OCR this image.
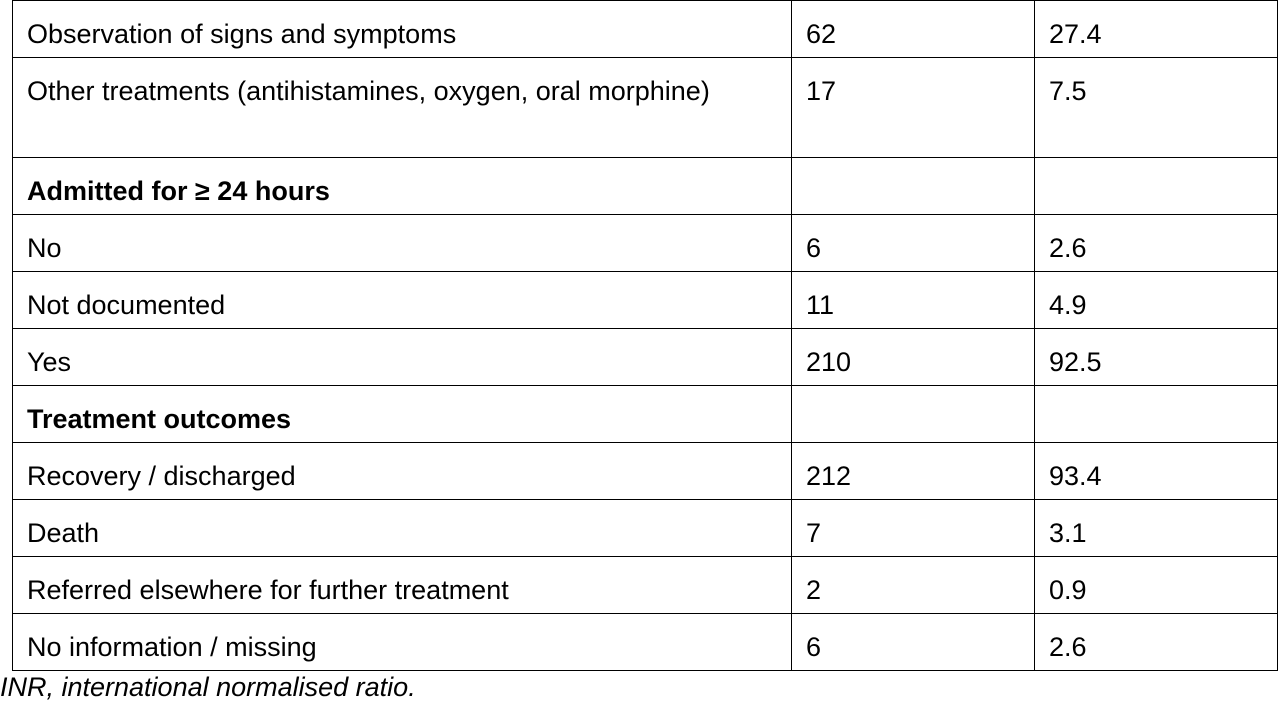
Observation of signs and symptoms	62	27.4
Other treatments (antihistamines, oxygen, oral morphine)	17	7.5
Admitted for ≥ 24 hours		
No	6	2.6
Not documented	11	4.9
Yes	210	92.5
Treatment outcomes		
Recovery / discharged	212	93.4
Death	7	3.1
Referred elsewhere for further treatment	2	0.9
No information / missing	6	2.6
INR, international normalised ratio.
